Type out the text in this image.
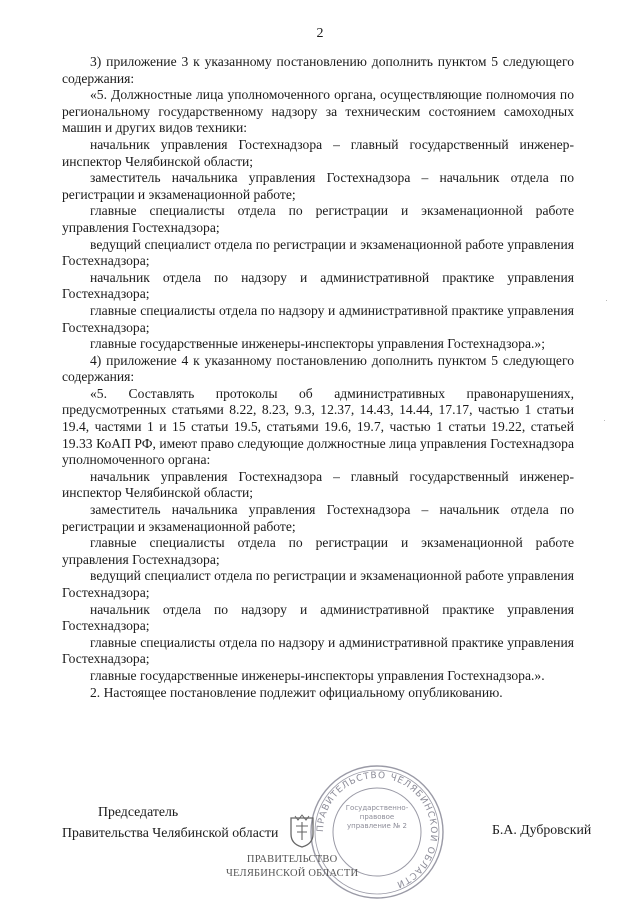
2

3) приложение 3 к указанному постановлению дополнить пунктом 5 следующего содержания:

«5. Должностные лица уполномоченного органа, осуществляющие полномочия по региональному государственному надзору за техническим состоянием самоходных машин и других видов техники:

начальник управления Гостехнадзора – главный государственный инженер-инспектор Челябинской области;

заместитель начальника управления Гостехнадзора – начальник отдела по регистрации и экзаменационной работе;

главные специалисты отдела по регистрации и экзаменационной работе управления Гостехнадзора;

ведущий специалист отдела по регистрации и экзаменационной работе управления Гостехнадзора;

начальник отдела по надзору и административной практике управления Гостехнадзора;

главные специалисты отдела по надзору и административной практике управления Гостехнадзора;

главные государственные инженеры-инспекторы управления Гостехнадзора.»;

4) приложение 4 к указанному постановлению дополнить пунктом 5 следующего содержания:

«5. Составлять протоколы об административных правонарушениях, предусмотренных статьями 8.22, 8.23, 9.3, 12.37, 14.43, 14.44, 17.17, частью 1 статьи 19.4, частями 1 и 15 статьи 19.5, статьями 19.6, 19.7, частью 1 статьи 19.22, статьей 19.33 КоАП РФ, имеют право следующие должностные лица управления Гостехнадзора уполномоченного органа:

начальник управления Гостехнадзора – главный государственный инженер-инспектор Челябинской области;

заместитель начальника управления Гостехнадзора – начальник отдела по регистрации и экзаменационной работе;

главные специалисты отдела по регистрации и экзаменационной работе управления Гостехнадзора;

ведущий специалист отдела по регистрации и экзаменационной работе управления Гостехнадзора;

начальник отдела по надзору и административной практике управления Гостехнадзора;

главные специалисты отдела по надзору и административной практике управления Гостехнадзора;

главные государственные инженеры-инспекторы управления Гостехнадзора.».

2. Настоящее постановление подлежит официальному опубликованию.

ПРАВИТЕЛЬСТВО ЧЕЛЯБИНСКОЙ ОБЛАСТИ
Государственно-правовое управление № 2
Председатель
Правительства Челябинской области	Б.А. Дубровский
ПРАВИТЕЛЬСТВО
ЧЕЛЯБИНСКОЙ ОБЛАСТИ
